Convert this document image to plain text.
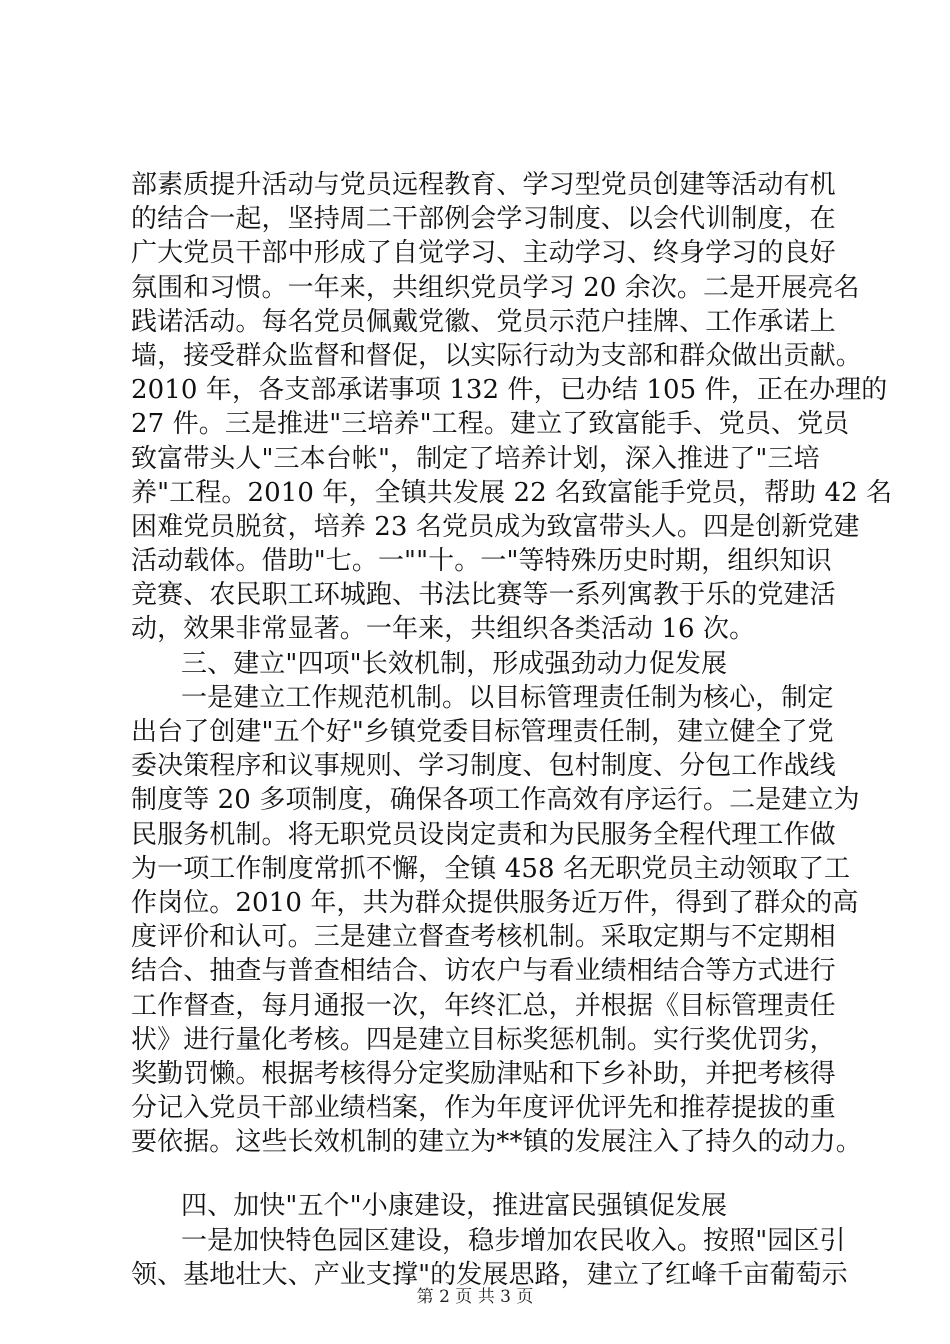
部素质提升活动与党员远程教育、学习型党员创建等活动有机
的结合一起，坚持周二干部例会学习制度、以会代训制度，在
广大党员干部中形成了自觉学习、主动学习、终身学习的良好
氛围和习惯。一年来，共组织党员学习 20 余次。二是开展亮名
践诺活动。每名党员佩戴党徽、党员示范户挂牌、工作承诺上
墙，接受群众监督和督促，以实际行动为支部和群众做出贡献。
2010 年，各支部承诺事项 132 件，已办结 105 件，正在办理的
27 件。三是推进"三培养"工程。建立了致富能手、党员、党员
致富带头人"三本台帐"，制定了培养计划，深入推进了"三培
养"工程。2010 年，全镇共发展 22 名致富能手党员，帮助 42 名
困难党员脱贫，培养 23 名党员成为致富带头人。四是创新党建
活动载体。借助"七。一""十。一"等特殊历史时期，组织知识
竞赛、农民职工环城跑、书法比赛等一系列寓教于乐的党建活
动，效果非常显著。一年来，共组织各类活动 16 次。
三、建立"四项"长效机制，形成强劲动力促发展
一是建立工作规范机制。以目标管理责任制为核心，制定
出台了创建"五个好"乡镇党委目标管理责任制，建立健全了党
委决策程序和议事规则、学习制度、包村制度、分包工作战线
制度等 20 多项制度，确保各项工作高效有序运行。二是建立为
民服务机制。将无职党员设岗定责和为民服务全程代理工作做
为一项工作制度常抓不懈，全镇 458 名无职党员主动领取了工
作岗位。2010 年，共为群众提供服务近万件，得到了群众的高
度评价和认可。三是建立督查考核机制。采取定期与不定期相
结合、抽查与普查相结合、访农户与看业绩相结合等方式进行
工作督查，每月通报一次，年终汇总，并根据《目标管理责任
状》进行量化考核。四是建立目标奖惩机制。实行奖优罚劣，
奖勤罚懒。根据考核得分定奖励津贴和下乡补助，并把考核得
分记入党员干部业绩档案，作为年度评优评先和推荐提拔的重
要依据。这些长效机制的建立为**镇的发展注入了持久的动力。
四、加快"五个"小康建设，推进富民强镇促发展
一是加快特色园区建设，稳步增加农民收入。按照"园区引
领、基地壮大、产业支撑"的发展思路，建立了红峰千亩葡萄示
第 2 页 共 3 页
